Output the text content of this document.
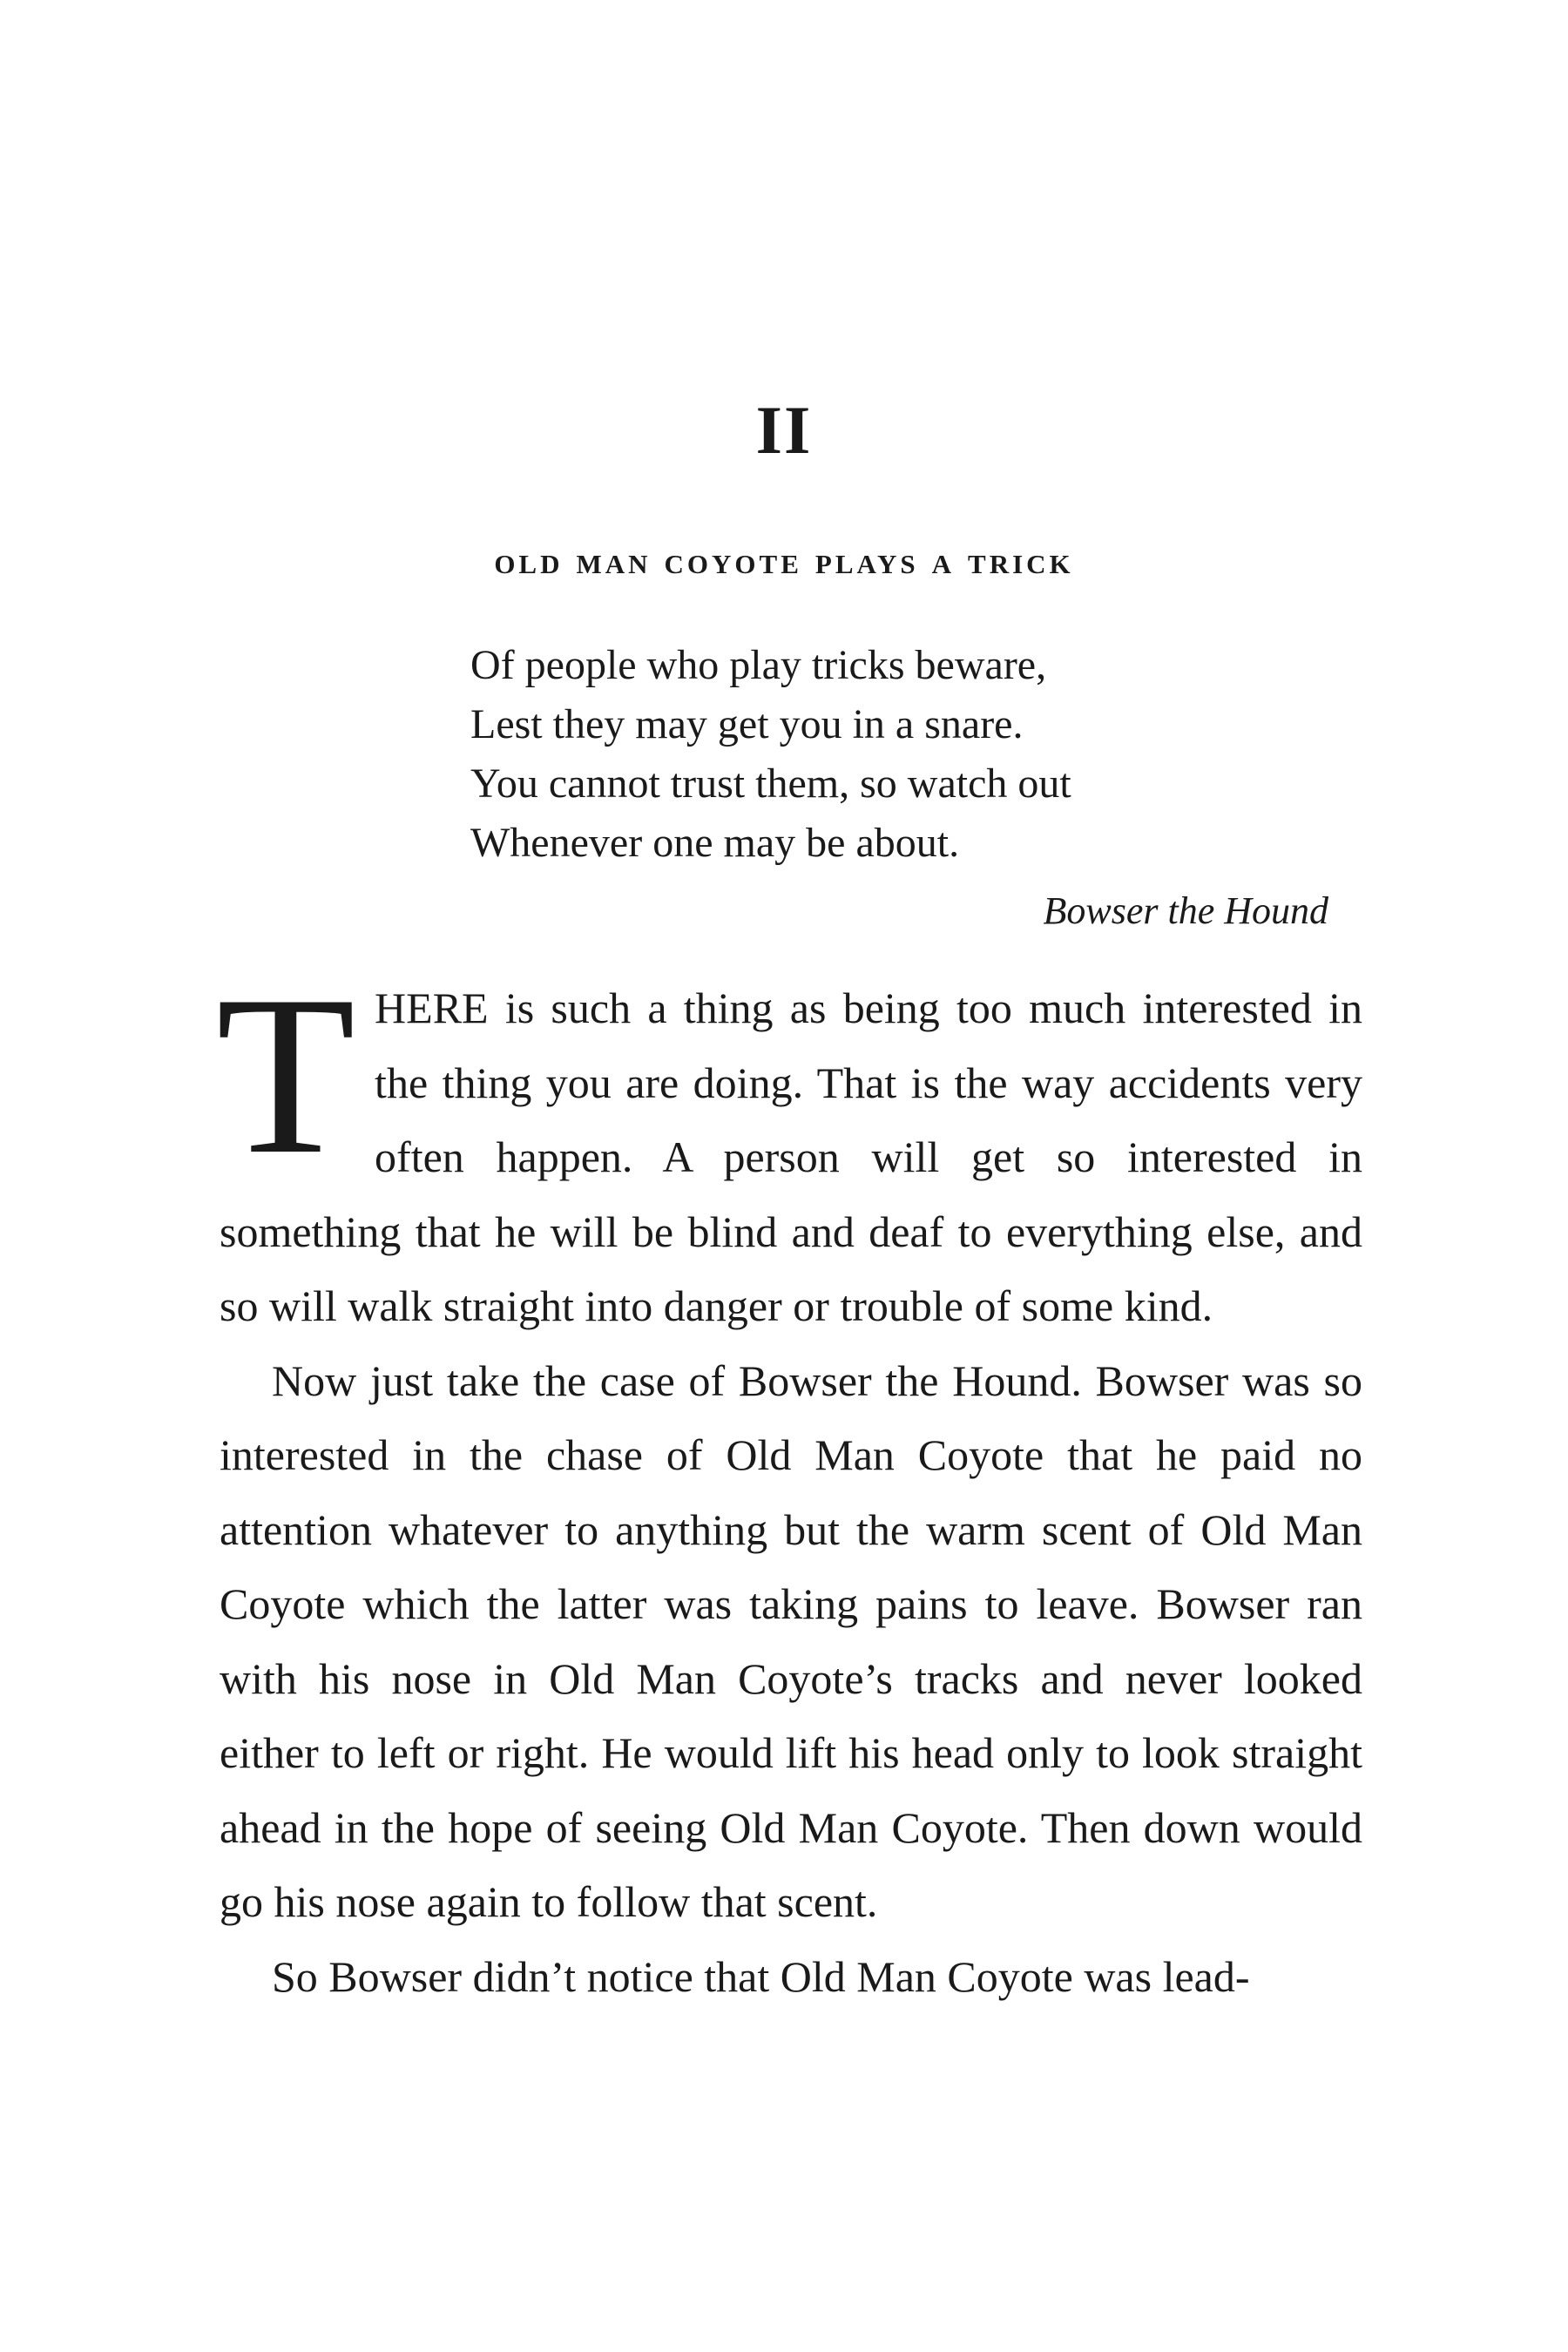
II
old man coyote plays a trick
Of people who play tricks beware,
Lest they may get you in a snare.
You cannot trust them, so watch out
Whenever one may be about.
Bowser the Hound

THERE is such a thing as being too much interested in the thing you are doing. That is the way accidents very often happen. A person will get so interested in something that he will be blind and deaf to everything else, and so will walk straight into danger or trouble of some kind.

Now just take the case of Bowser the Hound. Bowser was so interested in the chase of Old Man Coyote that he paid no attention whatever to anything but the warm scent of Old Man Coyote which the latter was taking pains to leave. Bowser ran with his nose in Old Man Coyote’s tracks and never looked either to left or right. He would lift his head only to look straight ahead in the hope of seeing Old Man Coyote. Then down would go his nose again to follow that scent.

So Bowser didn’t notice that Old Man Coyote was lead-
